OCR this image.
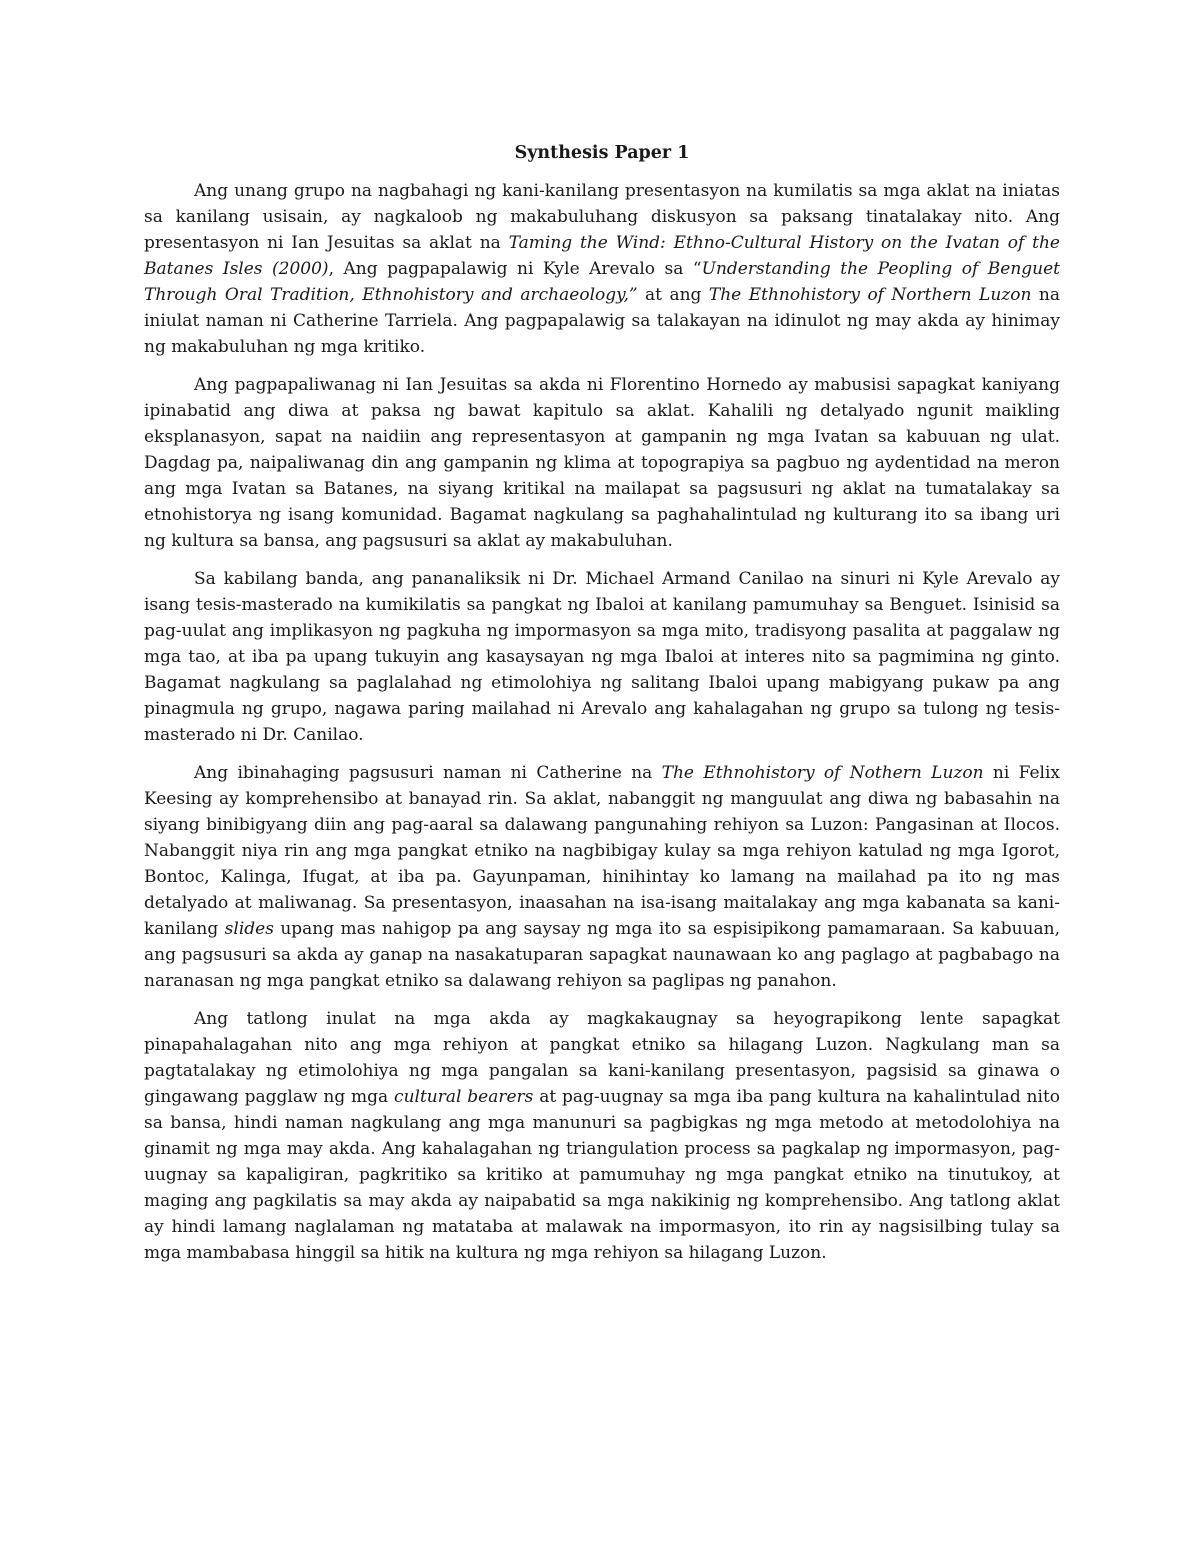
Synthesis Paper 1

Ang unang grupo na nagbahagi ng kani-kanilang presentasyon na kumilatis sa mga aklat na iniatas sa kanilang usisain, ay nagkaloob ng makabuluhang diskusyon sa paksang tinatalakay nito. Ang presentasyon ni Ian Jesuitas sa aklat na Taming the Wind: Ethno-Cultural History on the Ivatan of the Batanes Isles (2000), Ang pagpapalawig ni Kyle Arevalo sa “Understanding the Peopling of Benguet Through Oral Tradition, Ethnohistory and archaeology,” at ang The Ethnohistory of Northern Luzon na iniulat naman ni Catherine Tarriela. Ang pagpapalawig sa talakayan na idinulot ng may akda ay hinimay ng makabuluhan ng mga kritiko.

Ang pagpapaliwanag ni Ian Jesuitas sa akda ni Florentino Hornedo ay mabusisi sapagkat kaniyang ipinabatid ang diwa at paksa ng bawat kapitulo sa aklat. Kahalili ng detalyado ngunit maikling eksplanasyon, sapat na naidiin ang representasyon at gampanin ng mga Ivatan sa kabuuan ng ulat. Dagdag pa, naipaliwanag din ang gampanin ng klima at topograpiya sa pagbuo ng aydentidad na meron ang mga Ivatan sa Batanes, na siyang kritikal na mailapat sa pagsusuri ng aklat na tumatalakay sa etnohistorya ng isang komunidad. Bagamat nagkulang sa paghahalintulad ng kulturang ito sa ibang uri ng kultura sa bansa, ang pagsusuri sa aklat ay makabuluhan.

Sa kabilang banda, ang pananaliksik ni Dr. Michael Armand Canilao na sinuri ni Kyle Arevalo ay isang tesis-masterado na kumikilatis sa pangkat ng Ibaloi at kanilang pamumuhay sa Benguet. Isinisid sa pag-uulat ang implikasyon ng pagkuha ng impormasyon sa mga mito, tradisyong pasalita at paggalaw ng mga tao, at iba pa upang tukuyin ang kasaysayan ng mga Ibaloi at interes nito sa pagmimina ng ginto. Bagamat nagkulang sa paglalahad ng etimolohiya ng salitang Ibaloi upang mabigyang pukaw pa ang pinagmula ng grupo, nagawa paring mailahad ni Arevalo ang kahalagahan ng grupo sa tulong ng tesis-masterado ni Dr. Canilao.

Ang ibinahaging pagsusuri naman ni Catherine na The Ethnohistory of Nothern Luzon ni Felix Keesing ay komprehensibo at banayad rin. Sa aklat, nabanggit ng manguulat ang diwa ng babasahin na siyang binibigyang diin ang pag-aaral sa dalawang pangunahing rehiyon sa Luzon: Pangasinan at Ilocos. Nabanggit niya rin ang mga pangkat etniko na nagbibigay kulay sa mga rehiyon katulad ng mga Igorot, Bontoc, Kalinga, Ifugat, at iba pa. Gayunpaman, hinihintay ko lamang na mailahad pa ito ng mas detalyado at maliwanag. Sa presentasyon, inaasahan na isa-isang maitalakay ang mga kabanata sa kani-kanilang slides upang mas nahigop pa ang saysay ng mga ito sa espisipikong pamamaraan. Sa kabuuan, ang pagsusuri sa akda ay ganap na nasakatuparan sapagkat naunawaan ko ang paglago at pagbabago na naranasan ng mga pangkat etniko sa dalawang rehiyon sa paglipas ng panahon.

Ang tatlong inulat na mga akda ay magkakaugnay sa heyograpikong lente sapagkat pinapahalagahan nito ang mga rehiyon at pangkat etniko sa hilagang Luzon. Nagkulang man sa pagtatalakay ng etimolohiya ng mga pangalan sa kani-kanilang presentasyon, pagsisid sa ginawa o gingawang pagglaw ng mga cultural bearers at pag-uugnay sa mga iba pang kultura na kahalintulad nito sa bansa, hindi naman nagkulang ang mga manunuri sa pagbigkas ng mga metodo at metodolohiya na ginamit ng mga may akda. Ang kahalagahan ng triangulation process sa pagkalap ng impormasyon, pag-uugnay sa kapaligiran, pagkritiko sa kritiko at pamumuhay ng mga pangkat etniko na tinutukoy, at maging ang pagkilatis sa may akda ay naipabatid sa mga nakikinig ng komprehensibo. Ang tatlong aklat ay hindi lamang naglalaman ng matataba at malawak na impormasyon, ito rin ay nagsisilbing tulay sa mga mambabasa hinggil sa hitik na kultura ng mga rehiyon sa hilagang Luzon.
